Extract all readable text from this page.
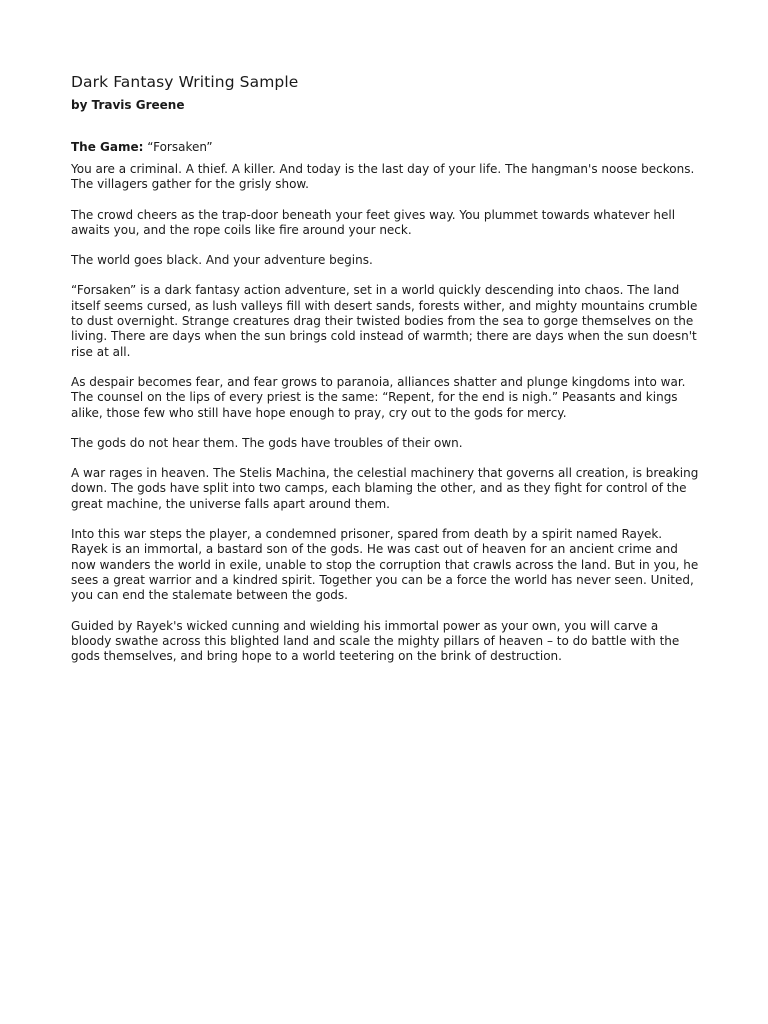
Dark Fantasy Writing Sample

by Travis Greene

The Game: “Forsaken”

You are a criminal. A thief. A killer. And today is the last day of your life. The hangman's noose beckons. The villagers gather for the grisly show.

The crowd cheers as the trap-door beneath your feet gives way. You plummet towards whatever hell awaits you, and the rope coils like fire around your neck.

The world goes black. And your adventure begins.

“Forsaken” is a dark fantasy action adventure, set in a world quickly descending into chaos. The land itself seems cursed, as lush valleys fill with desert sands, forests wither, and mighty mountains crumble to dust overnight. Strange creatures drag their twisted bodies from the sea to gorge themselves on the living. There are days when the sun brings cold instead of warmth; there are days when the sun doesn't rise at all.

As despair becomes fear, and fear grows to paranoia, alliances shatter and plunge kingdoms into war. The counsel on the lips of every priest is the same: “Repent, for the end is nigh.” Peasants and kings alike, those few who still have hope enough to pray, cry out to the gods for mercy.

The gods do not hear them. The gods have troubles of their own.

A war rages in heaven. The Stelis Machina, the celestial machinery that governs all creation, is breaking down. The gods have split into two camps, each blaming the other, and as they fight for control of the great machine, the universe falls apart around them.

Into this war steps the player, a condemned prisoner, spared from death by a spirit named Rayek. Rayek is an immortal, a bastard son of the gods. He was cast out of heaven for an ancient crime and now wanders the world in exile, unable to stop the corruption that crawls across the land. But in you, he sees a great warrior and a kindred spirit. Together you can be a force the world has never seen. United, you can end the stalemate between the gods.

Guided by Rayek's wicked cunning and wielding his immortal power as your own, you will carve a bloody swathe across this blighted land and scale the mighty pillars of heaven – to do battle with the gods themselves, and bring hope to a world teetering on the brink of destruction.
